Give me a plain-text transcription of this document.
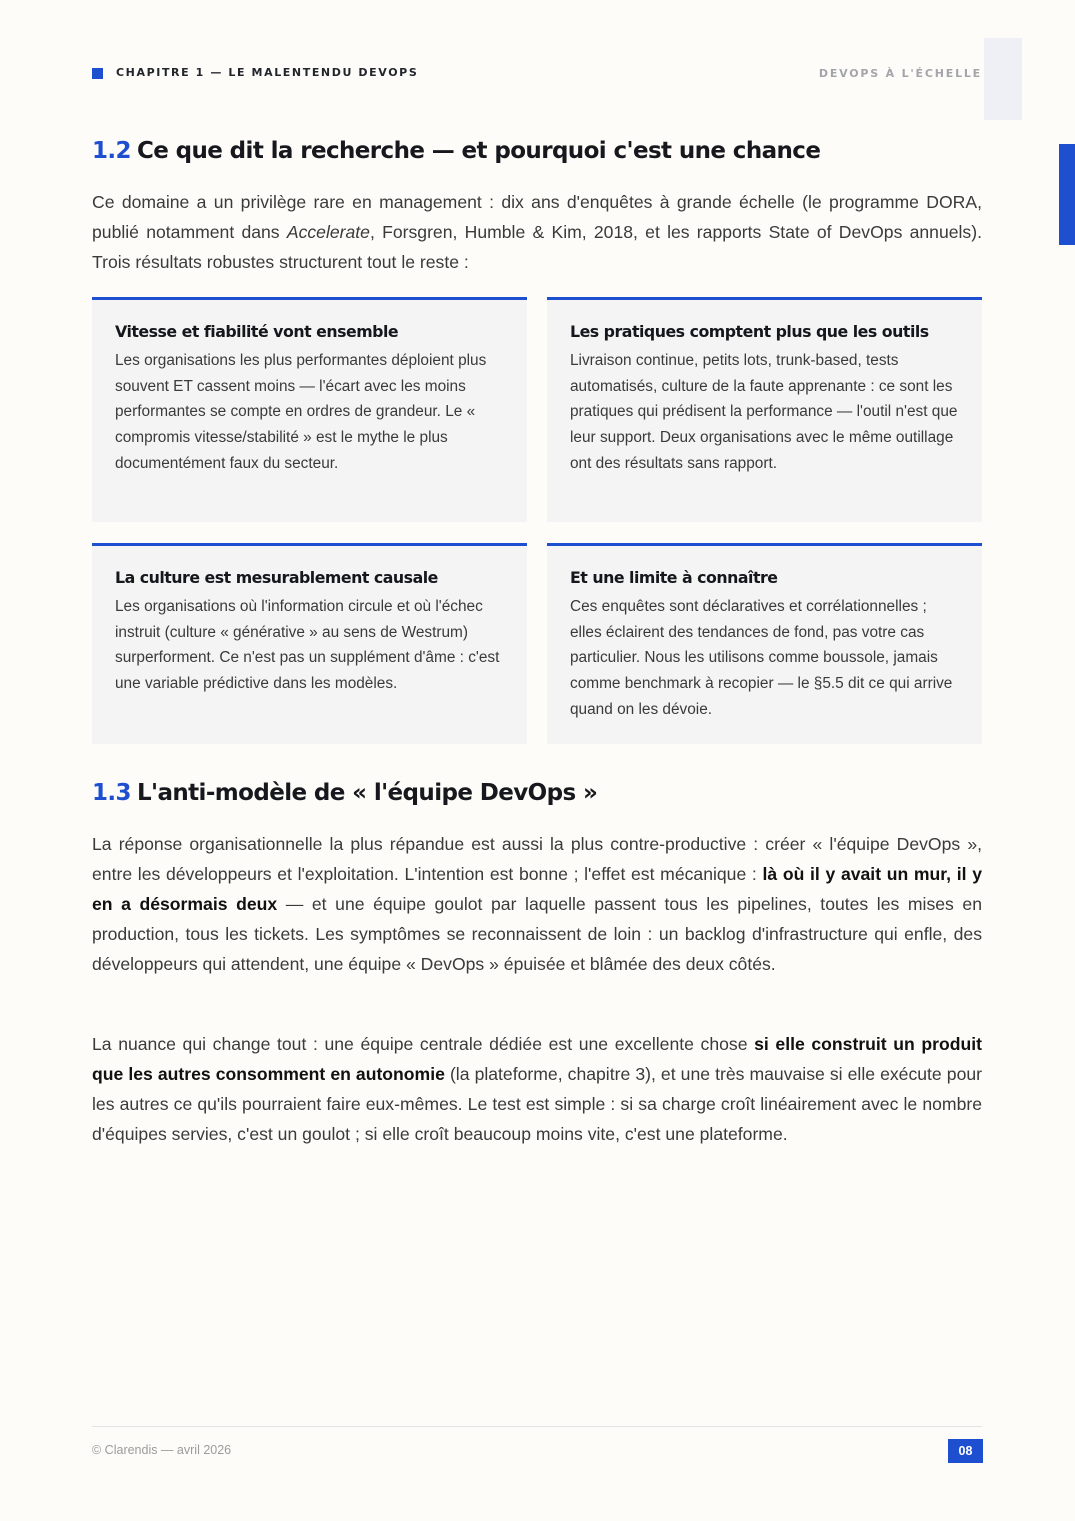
CHAPITRE 1 — LE MALENTENDU DEVOPS	DEVOPS À L'ÉCHELLE
1.2 Ce que dit la recherche — et pourquoi c'est une chance

Ce domaine a un privilège rare en management : dix ans d'enquêtes à grande échelle (le programme DORA, publié notamment dans Accelerate, Forsgren, Humble & Kim, 2018, et les rapports State of DevOps annuels). Trois résultats robustes structurent tout le reste :

Vitesse et fiabilité vont ensemble

Les organisations les plus performantes déploient plus souvent ET cassent moins — l'écart avec les moins performantes se compte en ordres de grandeur. Le « compromis vitesse/stabilité » est le mythe le plus documentément faux du secteur.

Les pratiques comptent plus que les outils

Livraison continue, petits lots, trunk-based, tests automatisés, culture de la faute apprenante : ce sont les pratiques qui prédisent la performance — l'outil n'est que leur support. Deux organisations avec le même outillage ont des résultats sans rapport.

La culture est mesurablement causale

Les organisations où l'information circule et où l'échec instruit (culture « générative » au sens de Westrum) surperforment. Ce n'est pas un supplément d'âme : c'est une variable prédictive dans les modèles.

Et une limite à connaître

Ces enquêtes sont déclaratives et corrélationnelles ; elles éclairent des tendances de fond, pas votre cas particulier. Nous les utilisons comme boussole, jamais comme benchmark à recopier — le §5.5 dit ce qui arrive quand on les dévoie.

1.3 L'anti-modèle de « l'équipe DevOps »

La réponse organisationnelle la plus répandue est aussi la plus contre-productive : créer « l'équipe DevOps », entre les développeurs et l'exploitation. L'intention est bonne ; l'effet est mécanique : là où il y avait un mur, il y en a désormais deux — et une équipe goulot par laquelle passent tous les pipelines, toutes les mises en production, tous les tickets. Les symptômes se reconnaissent de loin : un backlog d'infrastructure qui enfle, des développeurs qui attendent, une équipe « DevOps » épuisée et blâmée des deux côtés.

La nuance qui change tout : une équipe centrale dédiée est une excellente chose si elle construit un produit que les autres consomment en autonomie (la plateforme, chapitre 3), et une très mauvaise si elle exécute pour les autres ce qu'ils pourraient faire eux-mêmes. Le test est simple : si sa charge croît linéairement avec le nombre d'équipes servies, c'est un goulot ; si elle croît beaucoup moins vite, c'est une plateforme.

© Clarendis — avril 2026	08
